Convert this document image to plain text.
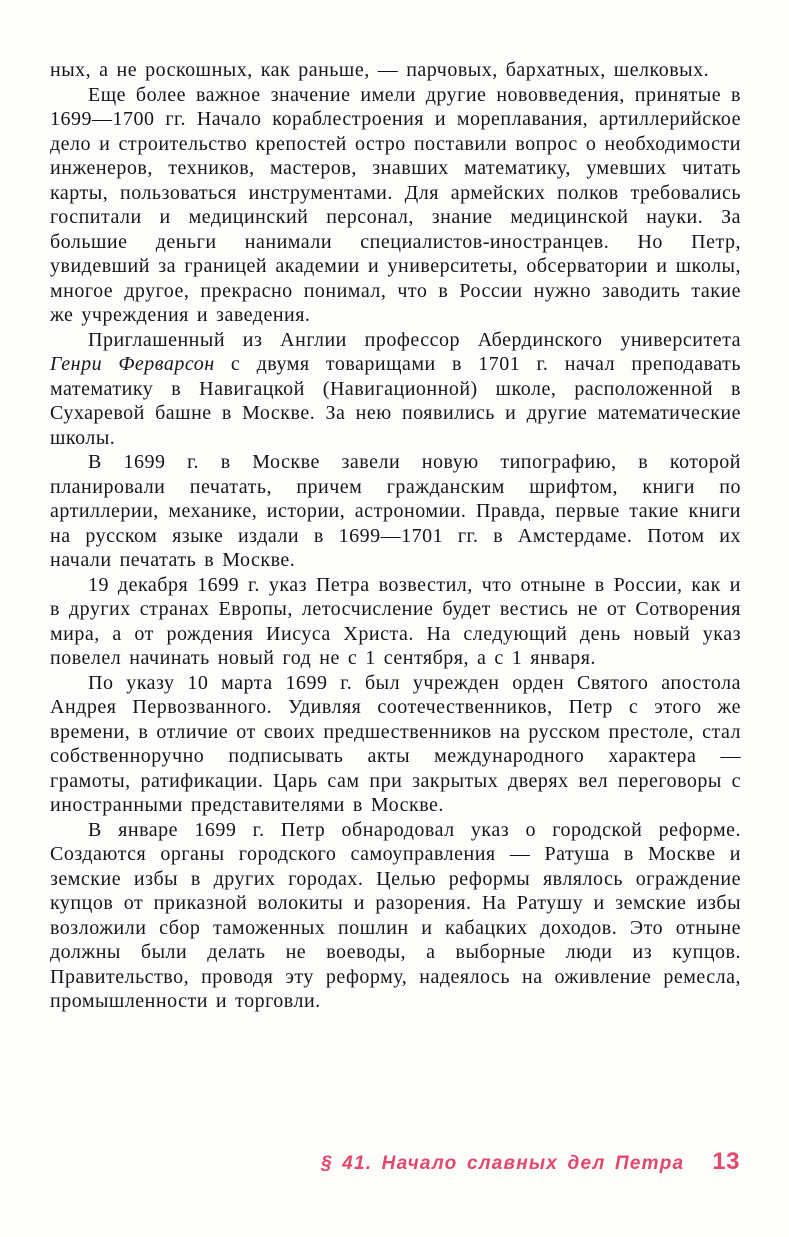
ных, а не роскошных, как раньше, — парчовых, бархатных, шелковых.

Еще более важное значение имели другие нововведения, принятые в 1699—1700 гг. Начало кораблестроения и мореплавания, артиллерийское дело и строительство крепостей остро поставили вопрос о необходимости инженеров, техников, мастеров, знавших математику, умевших читать карты, пользоваться инструментами. Для армейских полков требовались госпитали и медицинский персонал, знание медицинской науки. За большие деньги нанимали специалистов-иностранцев. Но Петр, увидевший за границей академии и университеты, обсерватории и школы, многое другое, прекрасно понимал, что в России нужно заводить такие же учреждения и заведения.

Приглашенный из Англии профессор Абердинского университета Генри Ферварсон с двумя товарищами в 1701 г. начал преподавать математику в Навигацкой (Навигационной) школе, расположенной в Сухаревой башне в Москве. За нею появились и другие математические школы.

В 1699 г. в Москве завели новую типографию, в которой планировали печатать, причем гражданским шрифтом, книги по артиллерии, механике, истории, астрономии. Правда, первые такие книги на русском языке издали в 1699—1701 гг. в Амстердаме. Потом их начали печатать в Москве.

19 декабря 1699 г. указ Петра возвестил, что отныне в России, как и в других странах Европы, летосчисление будет вестись не от Сотворения мира, а от рождения Иисуса Христа. На следующий день новый указ повелел начинать новый год не с 1 сентября, а с 1 января.

По указу 10 марта 1699 г. был учрежден орден Святого апостола Андрея Первозванного. Удивляя соотечественников, Петр с этого же времени, в отличие от своих предшественников на русском престоле, стал собственноручно подписывать акты международного характера — грамоты, ратификации. Царь сам при закрытых дверях вел переговоры с иностранными представителями в Москве.

В январе 1699 г. Петр обнародовал указ о городской реформе. Создаются органы городского самоуправления — Ратуша в Москве и земские избы в других городах. Целью реформы являлось ограждение купцов от приказной волокиты и разорения. На Ратушу и земские избы возложили сбор таможенных пошлин и кабацких доходов. Это отныне должны были делать не воеводы, а выборные люди из купцов. Правительство, проводя эту реформу, надеялось на оживление ремесла, промышленности и торговли.

§ 41. Начало славных дел Петра 13
